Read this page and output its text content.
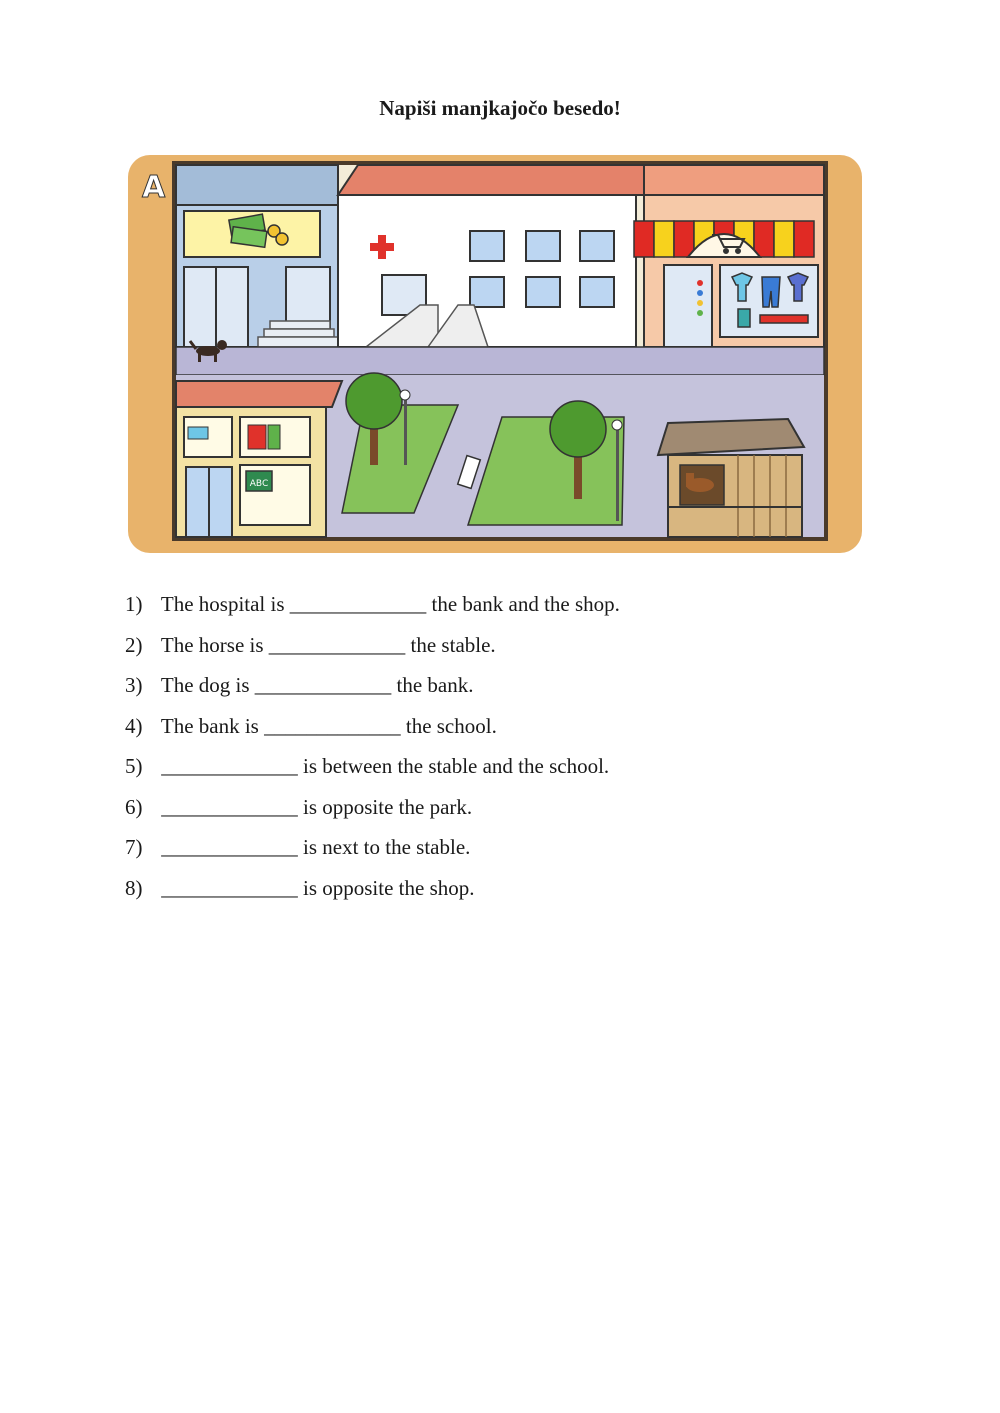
Napiši manjkajočo besedo!
ABC
A
1) The hospital is _____________ the bank and the shop.
2) The horse is _____________ the stable.
3) The dog is _____________ the bank.
4) The bank is _____________ the school.
5) _____________ is between the stable and the school.
6) _____________ is opposite the park.
7) _____________ is next to the stable.
8) _____________ is opposite the shop.
